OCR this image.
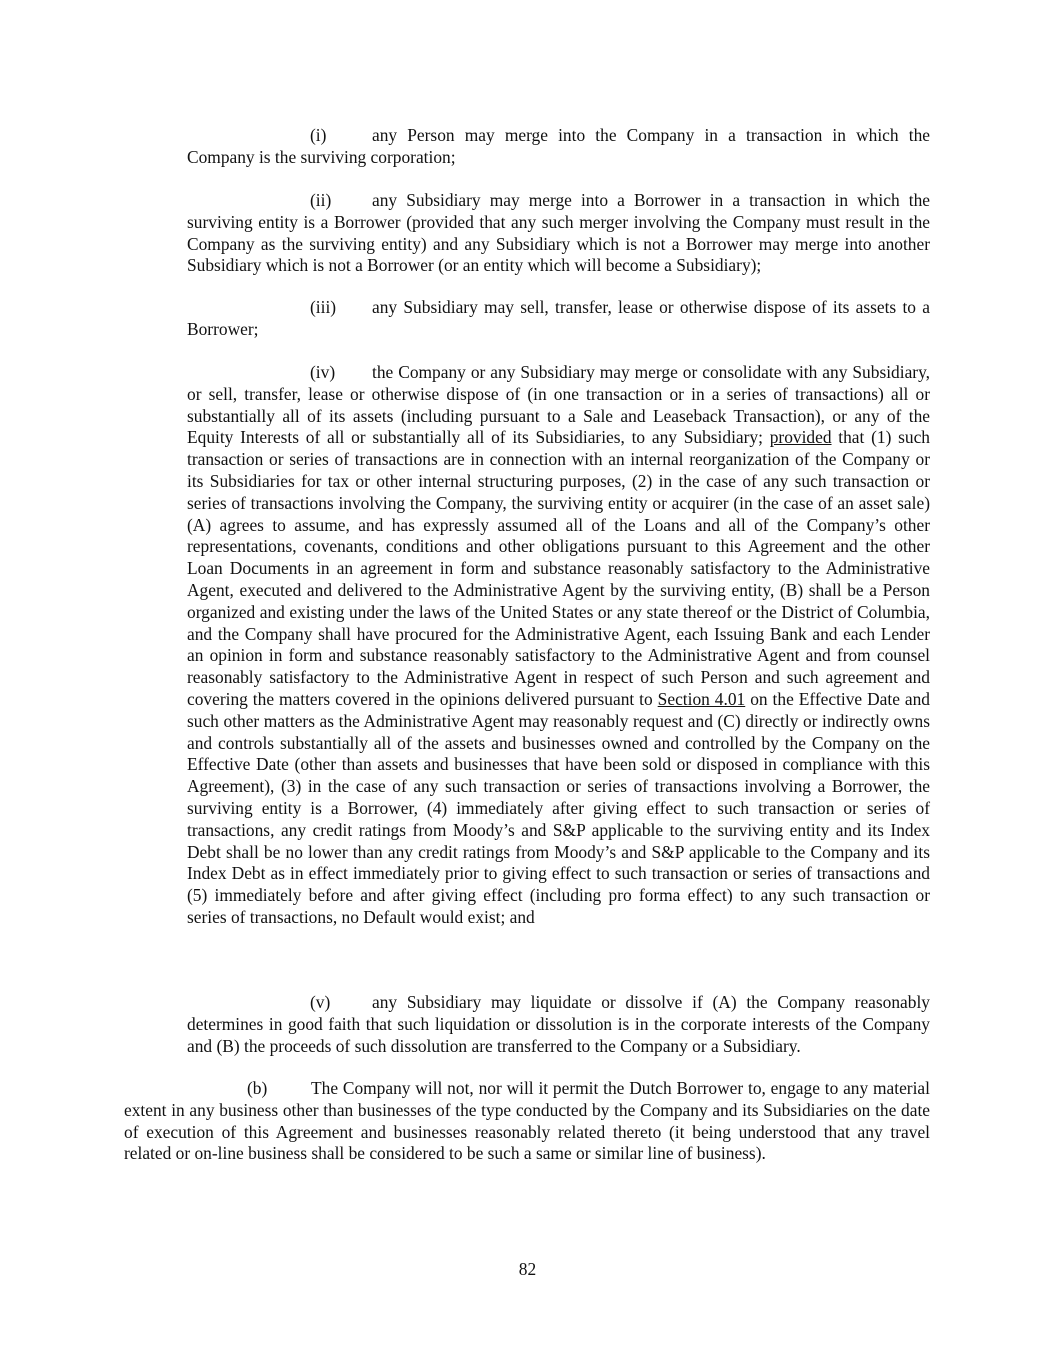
(i)	any Person may merge into the Company in a transaction in which the Company is the surviving corporation;

(ii) any Subsidiary may merge into a Borrower in a transaction in which the surviving entity is a Borrower (provided that any such merger involving the Company must result in the Company as the surviving entity) and any Subsidiary which is not a Borrower may merge into another Subsidiary which is not a Borrower (or an entity which will become a Subsidiary);

(iii) any Subsidiary may sell, transfer, lease or otherwise dispose of its assets to a Borrower;

(iv) the Company or any Subsidiary may merge or consolidate with any Subsidiary, or sell, transfer, lease or otherwise dispose of (in one transaction or in a series of transactions) all or substantially all of its assets (including pursuant to a Sale and Leaseback Transaction), or any of the Equity Interests of all or substantially all of its Subsidiaries, to any Subsidiary; provided that (1) such transaction or series of transactions are in connection with an internal reorganization of the Company or its Subsidiaries for tax or other internal structuring purposes, (2) in the case of any such transaction or series of transactions involving the Company, the surviving entity or acquirer (in the case of an asset sale) (A) agrees to assume, and has expressly assumed all of the Loans and all of the Company’s other representations, covenants, conditions and other obligations pursuant to this Agreement and the other Loan Documents in an agreement in form and substance reasonably satisfactory to the Administrative Agent, executed and delivered to the Administrative Agent by the surviving entity, (B) shall be a Person organized and existing under the laws of the United States or any state thereof or the District of Columbia, and the Company shall have procured for the Administrative Agent, each Issuing Bank and each Lender an opinion in form and substance reasonably satisfactory to the Administrative Agent and from counsel reasonably satisfactory to the Administrative Agent in respect of such Person and such agreement and covering the matters covered in the opinions delivered pursuant to Section 4.01 on the Effective Date and such other matters as the Administrative Agent may reasonably request and (C) directly or indirectly owns and controls substantially all of the assets and businesses owned and controlled by the Company on the Effective Date (other than assets and businesses that have been sold or disposed in compliance with this Agreement), (3) in the case of any such transaction or series of transactions involving a Borrower, the surviving entity is a Borrower, (4) immediately after giving effect to such transaction or series of transactions, any credit ratings from Moody’s and S&P applicable to the surviving entity and its Index Debt shall be no lower than any credit ratings from Moody’s and S&P applicable to the Company and its Index Debt as in effect immediately prior to giving effect to such transaction or series of transactions and (5) immediately before and after giving effect (including pro forma effect) to any such transaction or series of transactions, no Default would exist; and

(v) any Subsidiary may liquidate or dissolve if (A) the Company reasonably determines in good faith that such liquidation or dissolution is in the corporate interests of the Company and (B) the proceeds of such dissolution are transferred to the Company or a Subsidiary.

(b)	The Company will not, nor will it permit the Dutch Borrower to, engage to any material extent in any business other than businesses of the type conducted by the Company and its Subsidiaries on the date of execution of this Agreement and businesses reasonably related thereto (it being understood that any travel related or on-line business shall be considered to be such a same or similar line of business).

82
